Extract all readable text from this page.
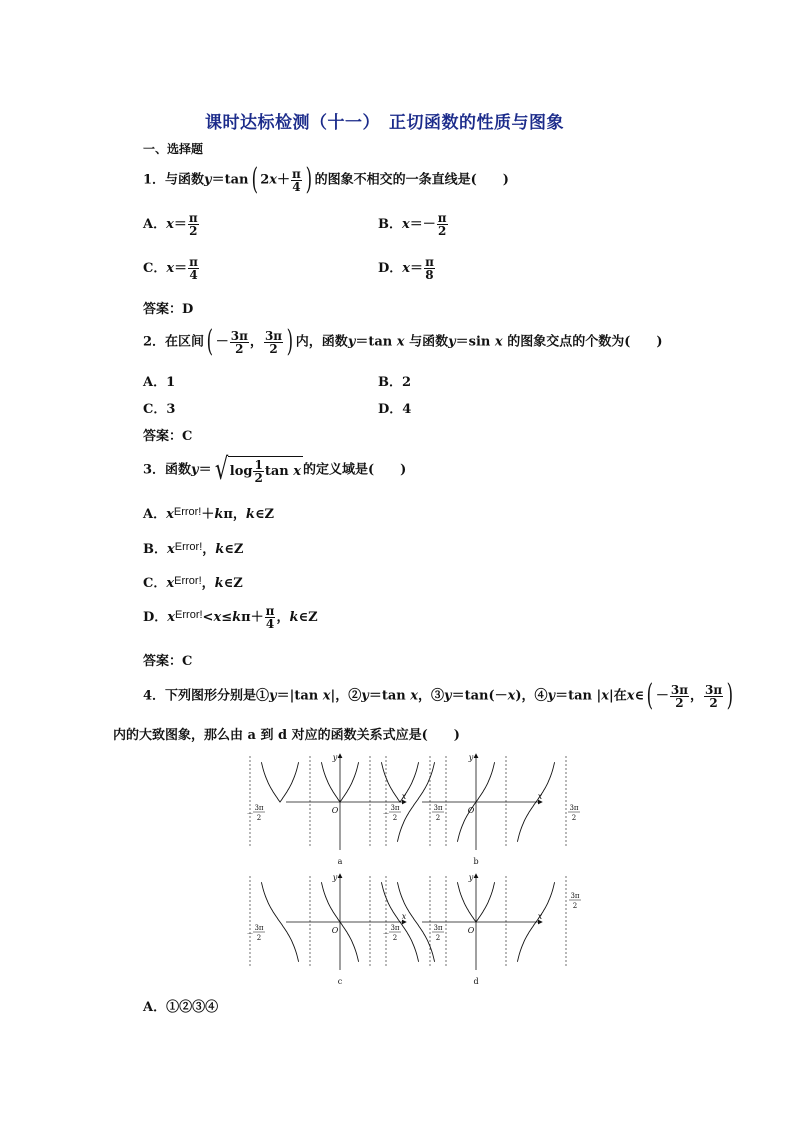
课时达标检测（十一）　正切函数的性质与图象
一、选择题
1．与函数y＝tan( $2x+ \frac{\pi}{4}$ ) 的图象不相交的一条直线是(　　)
A．$x= \frac{\pi}{2}$	B．$x=- \frac{\pi}{2}$
C．$x= \frac{\pi}{4}$	D．$x= \frac{\pi}{8}$
答案：D
2．在区间( － $\frac{3\pi}{2}$ ， $\frac{3\pi}{2}$ ) 内，函数y＝tan x 与函数y＝sin x 的图象交点的个数为(　　)
A．1	B．2
C．3	D．4
答案：C
3．函数y＝√ $\log \frac{1}{2}$ tan x 的定义域是(　　)
A．$x^{Error!}+k\pi$，k∈Z
B．$x^{Error!}$，k∈Z
C．$x^{Error!}$，k∈Z
D．$x^{Error!}<x\le k\pi+ \frac{\pi}{4}$ ，k∈Z
答案：C
4．下列图形分别是①y＝|tan x|，②y＝tan x，③y＝tan(－x)，④y＝tan |x|在x∈( － $\frac{3\pi}{2}$ ， $\frac{3\pi}{2}$ )
内的大致图象，那么由 a 到 d 对应的函数关系式应是(　　)
y
x
O
3π
2
－
3π
2
a
y
x
O
3π
2
－
3π
2
b
y
x
O
3π
2
－
3π
2
c
y
x
O
3π
2
－
3π
2
d
A．①②③④
